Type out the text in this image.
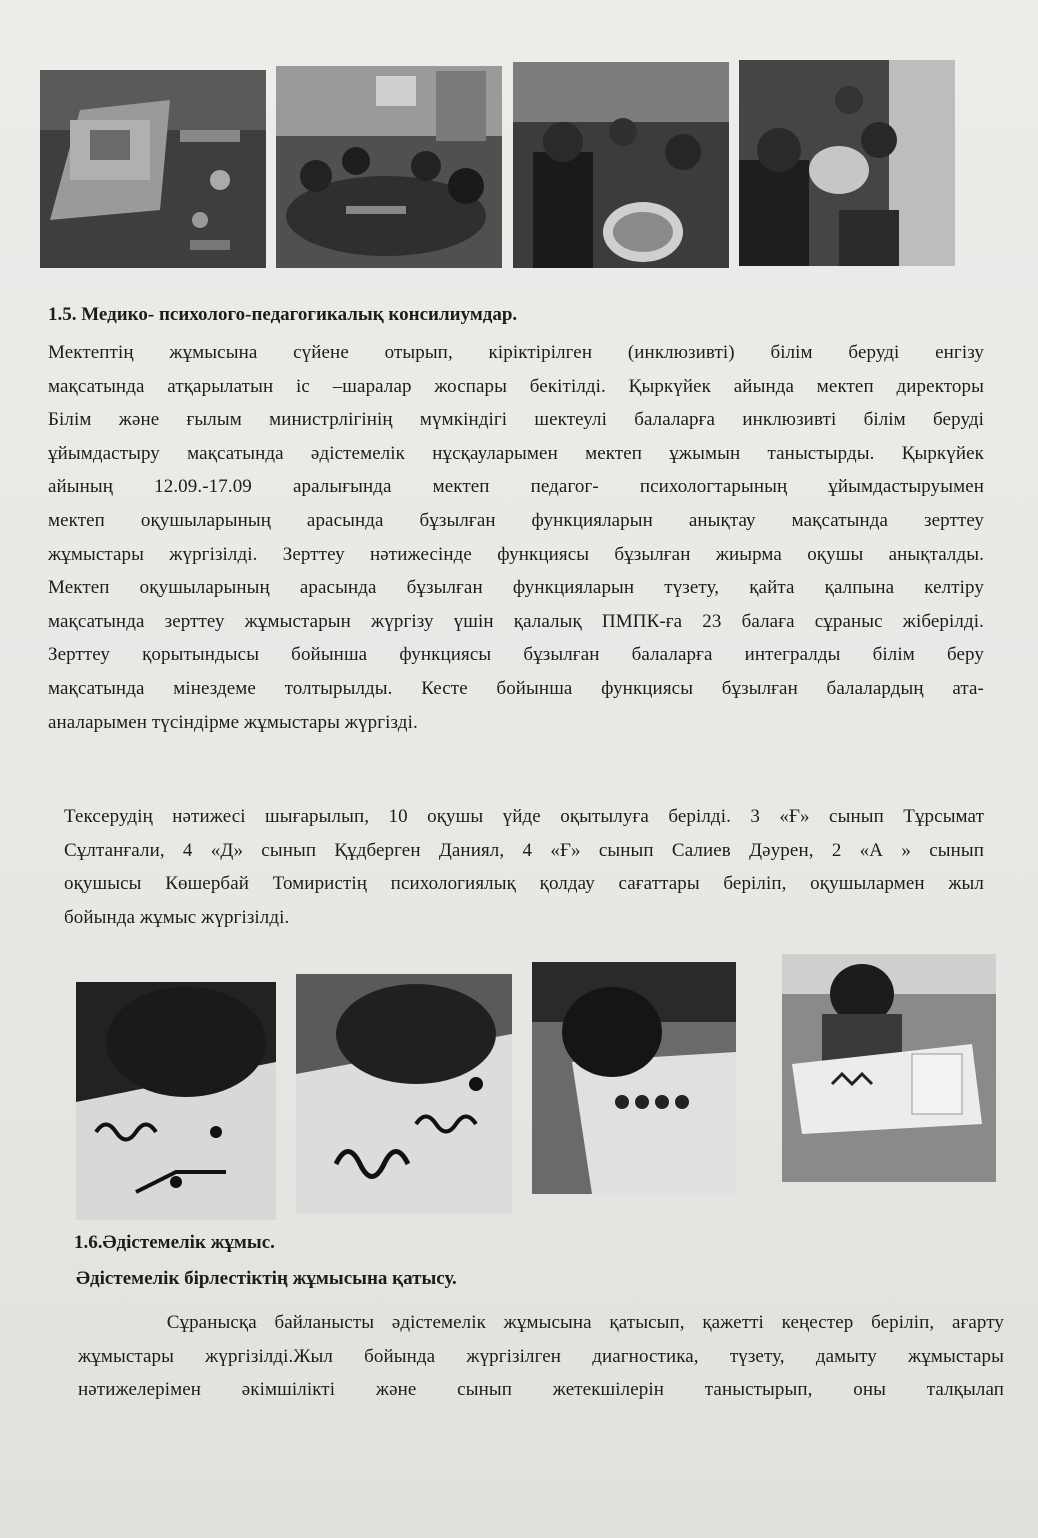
1.5. Медико- психолого-педагогикалық консилиумдар.
Мектептің жұмысына сүйене отырып, кіріктірілген (инклюзивті) білім беруді енгізу
мақсатында атқарылатын іс –шаралар жоспары бекітілді. Қыркүйек айында мектеп директоры
Білім және ғылым министрлігінің мүмкіндігі шектеулі балаларға инклюзивті білім беруді
ұйымдастыру мақсатында әдістемелік нұсқауларымен мектеп ұжымын таныстырды. Қыркүйек
айының 12.09.-17.09 аралығында мектеп педагог- психологтарының ұйымдастыруымен
мектеп оқушыларының арасында бұзылған функцияларын анықтау мақсатында зерттеу
жұмыстары жүргізілді. Зерттеу нәтижесінде функциясы бұзылған жиырма оқушы анықталды.
Мектеп оқушыларының арасында бұзылған функцияларын түзету, қайта қалпына келтіру
мақсатында зерттеу жұмыстарын жүргізу үшін қалалық ПМПК-ға 23 балаға сұраныс жіберілді.
Зерттеу қорытындысы бойынша функциясы бұзылған балаларға интегралды білім беру
мақсатында мінездеме толтырылды. Кесте бойынша функциясы бұзылған балалардың ата-
аналарымен түсіндірме жұмыстары жүргізді.
Тексерудің нәтижесі шығарылып, 10 оқушы үйде оқытылуға берілді. 3 «Ғ» сынып Тұрсымат
Сұлтанғали, 4 «Д» сынып Құдберген Даниял, 4 «Ғ» сынып Салиев Дәурен, 2 «А » сынып
оқушысы Көшербай Томиристің психологиялық қолдау сағаттары беріліп, оқушылармен жыл
бойында жұмыс жүргізілді.
1.6.Әдістемелік жұмыс.
Әдістемелік бірлестіктің жұмысына қатысу.
Сұранысқа байланысты әдістемелік жұмысына қатысып, қажетті кеңестер беріліп, ағарту
жұмыстары жүргізілді.Жыл бойында жүргізілген диагностика, түзету, дамыту жұмыстары
нәтижелерімен әкімшілікті және сынып жетекшілерін таныстырып, оны талқылап
